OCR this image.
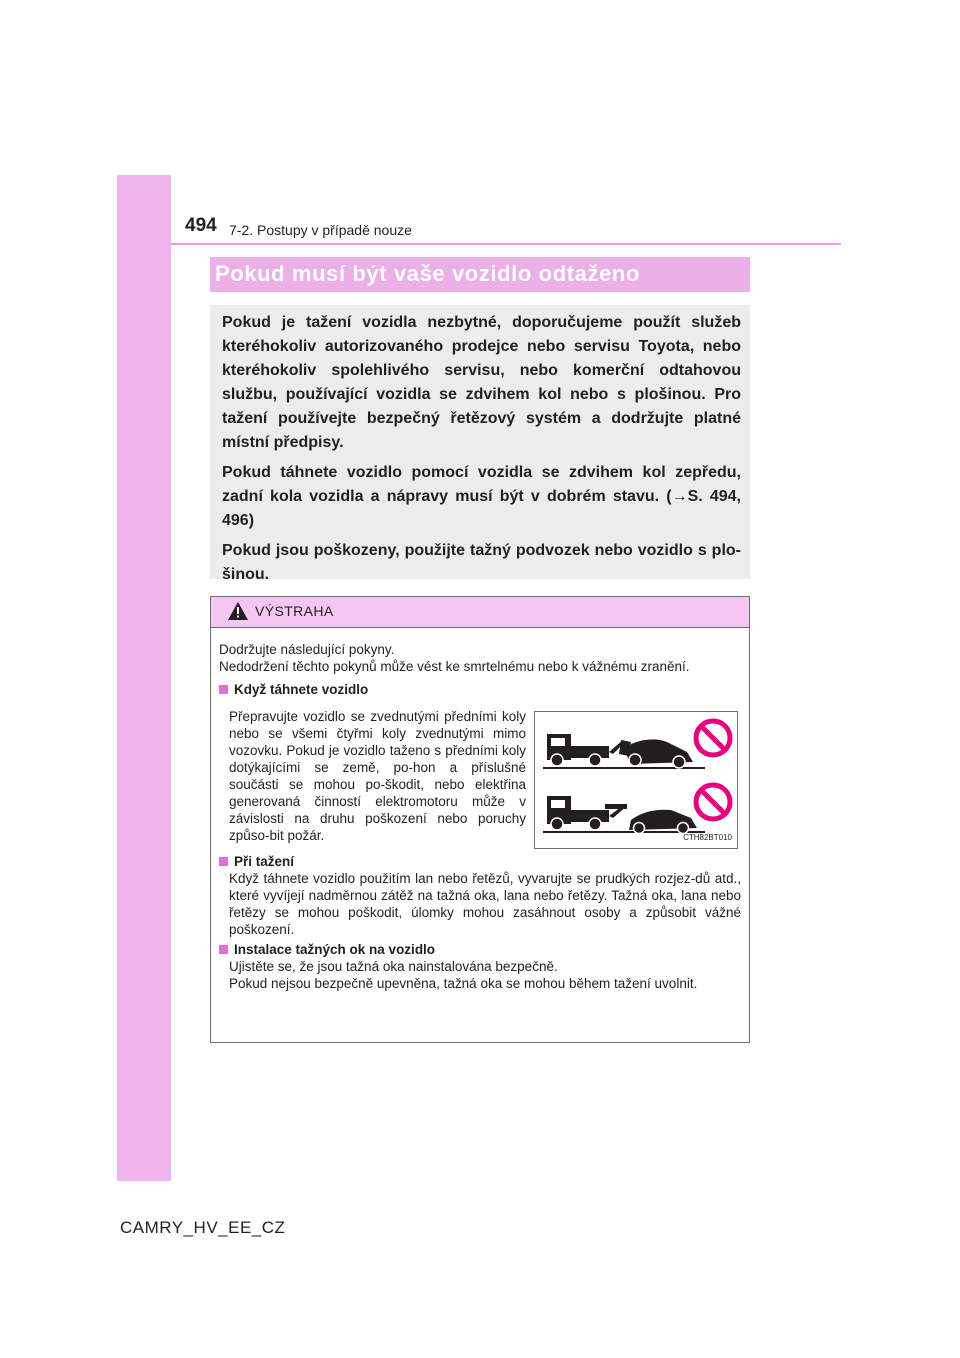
494 7-2. Postupy v případě nouze
Pokud musí být vaše vozidlo odtaženo

Pokud je tažení vozidla nezbytné, doporučujeme použít služeb kteréhokoliv autorizovaného prodejce nebo servisu Toyota, nebo kteréhokoliv spolehlivého servisu, nebo komerční odtahovou službu, používající vozidla se zdvihem kol nebo s plošinou. Pro tažení používejte bezpečný řetězový systém a dodržujte platné místní předpisy.

Pokud táhnete vozidlo pomocí vozidla se zdvihem kol zepředu, zadní kola vozidla a nápravy musí být v dobrém stavu. (→S. 494, 496)

Pokud jsou poškozeny, použijte tažný podvozek nebo vozidlo s plo-šinou.

VÝSTRAHA

Dodržujte následující pokyny.

Nedodržení těchto pokynů může vést ke smrtelnému nebo k vážnému zranění.

Když táhnete vozidlo
Přepravujte vozidlo se zvednutými předními koly nebo se všemi čtyřmi koly zvednutými mimo vozovku. Pokud je vozidlo taženo s předními koly dotýkajícími se země, po-hon a příslušné součásti se mohou po-škodit, nebo elektřina generovaná činností elektromotoru může v závislosti na druhu poškození nebo poruchy způso-bit požár.	CTH82BT010
Při tažení
Když táhnete vozidlo použitím lan nebo řetězů, vyvarujte se prudkých rozjez-dů atd., které vyvíjejí nadměrnou zátěž na tažná oka, lana nebo řetězy. Tažná oka, lana nebo řetězy se mohou poškodit, úlomky mohou zasáhnout osoby a způsobit vážné poškození.
Instalace tažných ok na vozidlo
Ujistěte se, že jsou tažná oka nainstalována bezpečně.
Pokud nejsou bezpečně upevněna, tažná oka se mohou během tažení uvolnit.
CAMRY_HV_EE_CZ
